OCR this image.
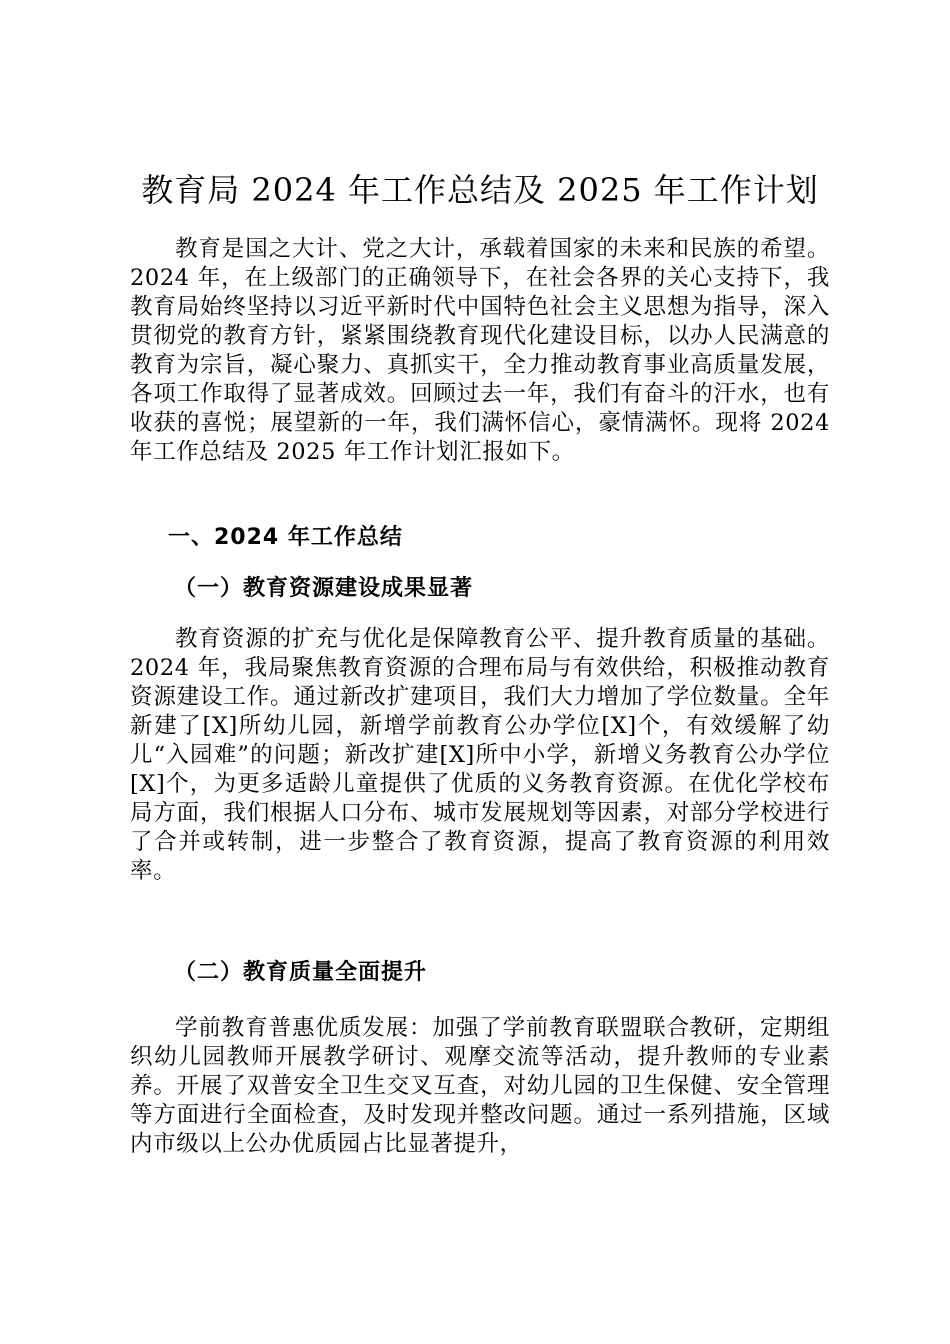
教育局 2024 年工作总结及 2025 年工作计划

教育是国之大计、党之大计，承载着国家的未来和民族的希望。2024 年，在上级部门的正确领导下，在社会各界的关心支持下，我教育局始终坚持以习近平新时代中国特色社会主义思想为指导，深入贯彻党的教育方针，紧紧围绕教育现代化建设目标，以办人民满意的教育为宗旨，凝心聚力、真抓实干，全力推动教育事业高质量发展，各项工作取得了显著成效。回顾过去一年，我们有奋斗的汗水，也有收获的喜悦；展望新的一年，我们满怀信心，豪情满怀。现将 2024 年工作总结及 2025 年工作计划汇报如下。

一、2024 年工作总结
（一）教育资源建设成果显著

教育资源的扩充与优化是保障教育公平、提升教育质量的基础。2024 年，我局聚焦教育资源的合理布局与有效供给，积极推动教育资源建设工作。通过新改扩建项目，我们大力增加了学位数量。全年新建了[X]所幼儿园，新增学前教育公办学位[X]个，有效缓解了幼儿“入园难”的问题；新改扩建[X]所中小学，新增义务教育公办学位[X]个，为更多适龄儿童提供了优质的义务教育资源。在优化学校布局方面，我们根据人口分布、城市发展规划等因素，对部分学校进行了合并或转制，进一步整合了教育资源，提高了教育资源的利用效率。

（二）教育质量全面提升

学前教育普惠优质发展：加强了学前教育联盟联合教研，定期组织幼儿园教师开展教学研讨、观摩交流等活动，提升教师的专业素养。开展了双普安全卫生交叉互查，对幼儿园的卫生保健、安全管理等方面进行全面检查，及时发现并整改问题。通过一系列措施，区域内市级以上公办优质园占比显著提升，
